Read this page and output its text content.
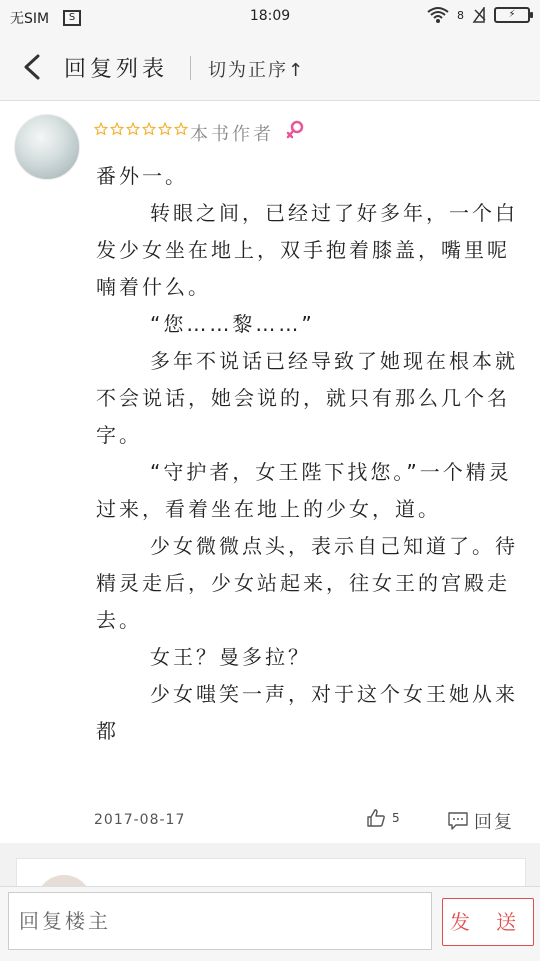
无SIM	S	18:09	8	⚡
回复列表 切为正序↑
本书作者

番外一。

转眼之间，已经过了好多年，一个白发少女坐在地上，双手抱着膝盖，嘴里呢喃着什么。

“您……黎……”

多年不说话已经导致了她现在根本就不会说话，她会说的，就只有那么几个名字。

“守护者，女王陛下找您。”一个精灵过来，看着坐在地上的少女，道。

少女微微点头，表示自己知道了。待精灵走后，少女站起来，往女王的宫殿走去。

女王？曼多拉？

少女嗤笑一声，对于这个女王她从来都

2017-08-17	5	回复
回复楼主
发 送
